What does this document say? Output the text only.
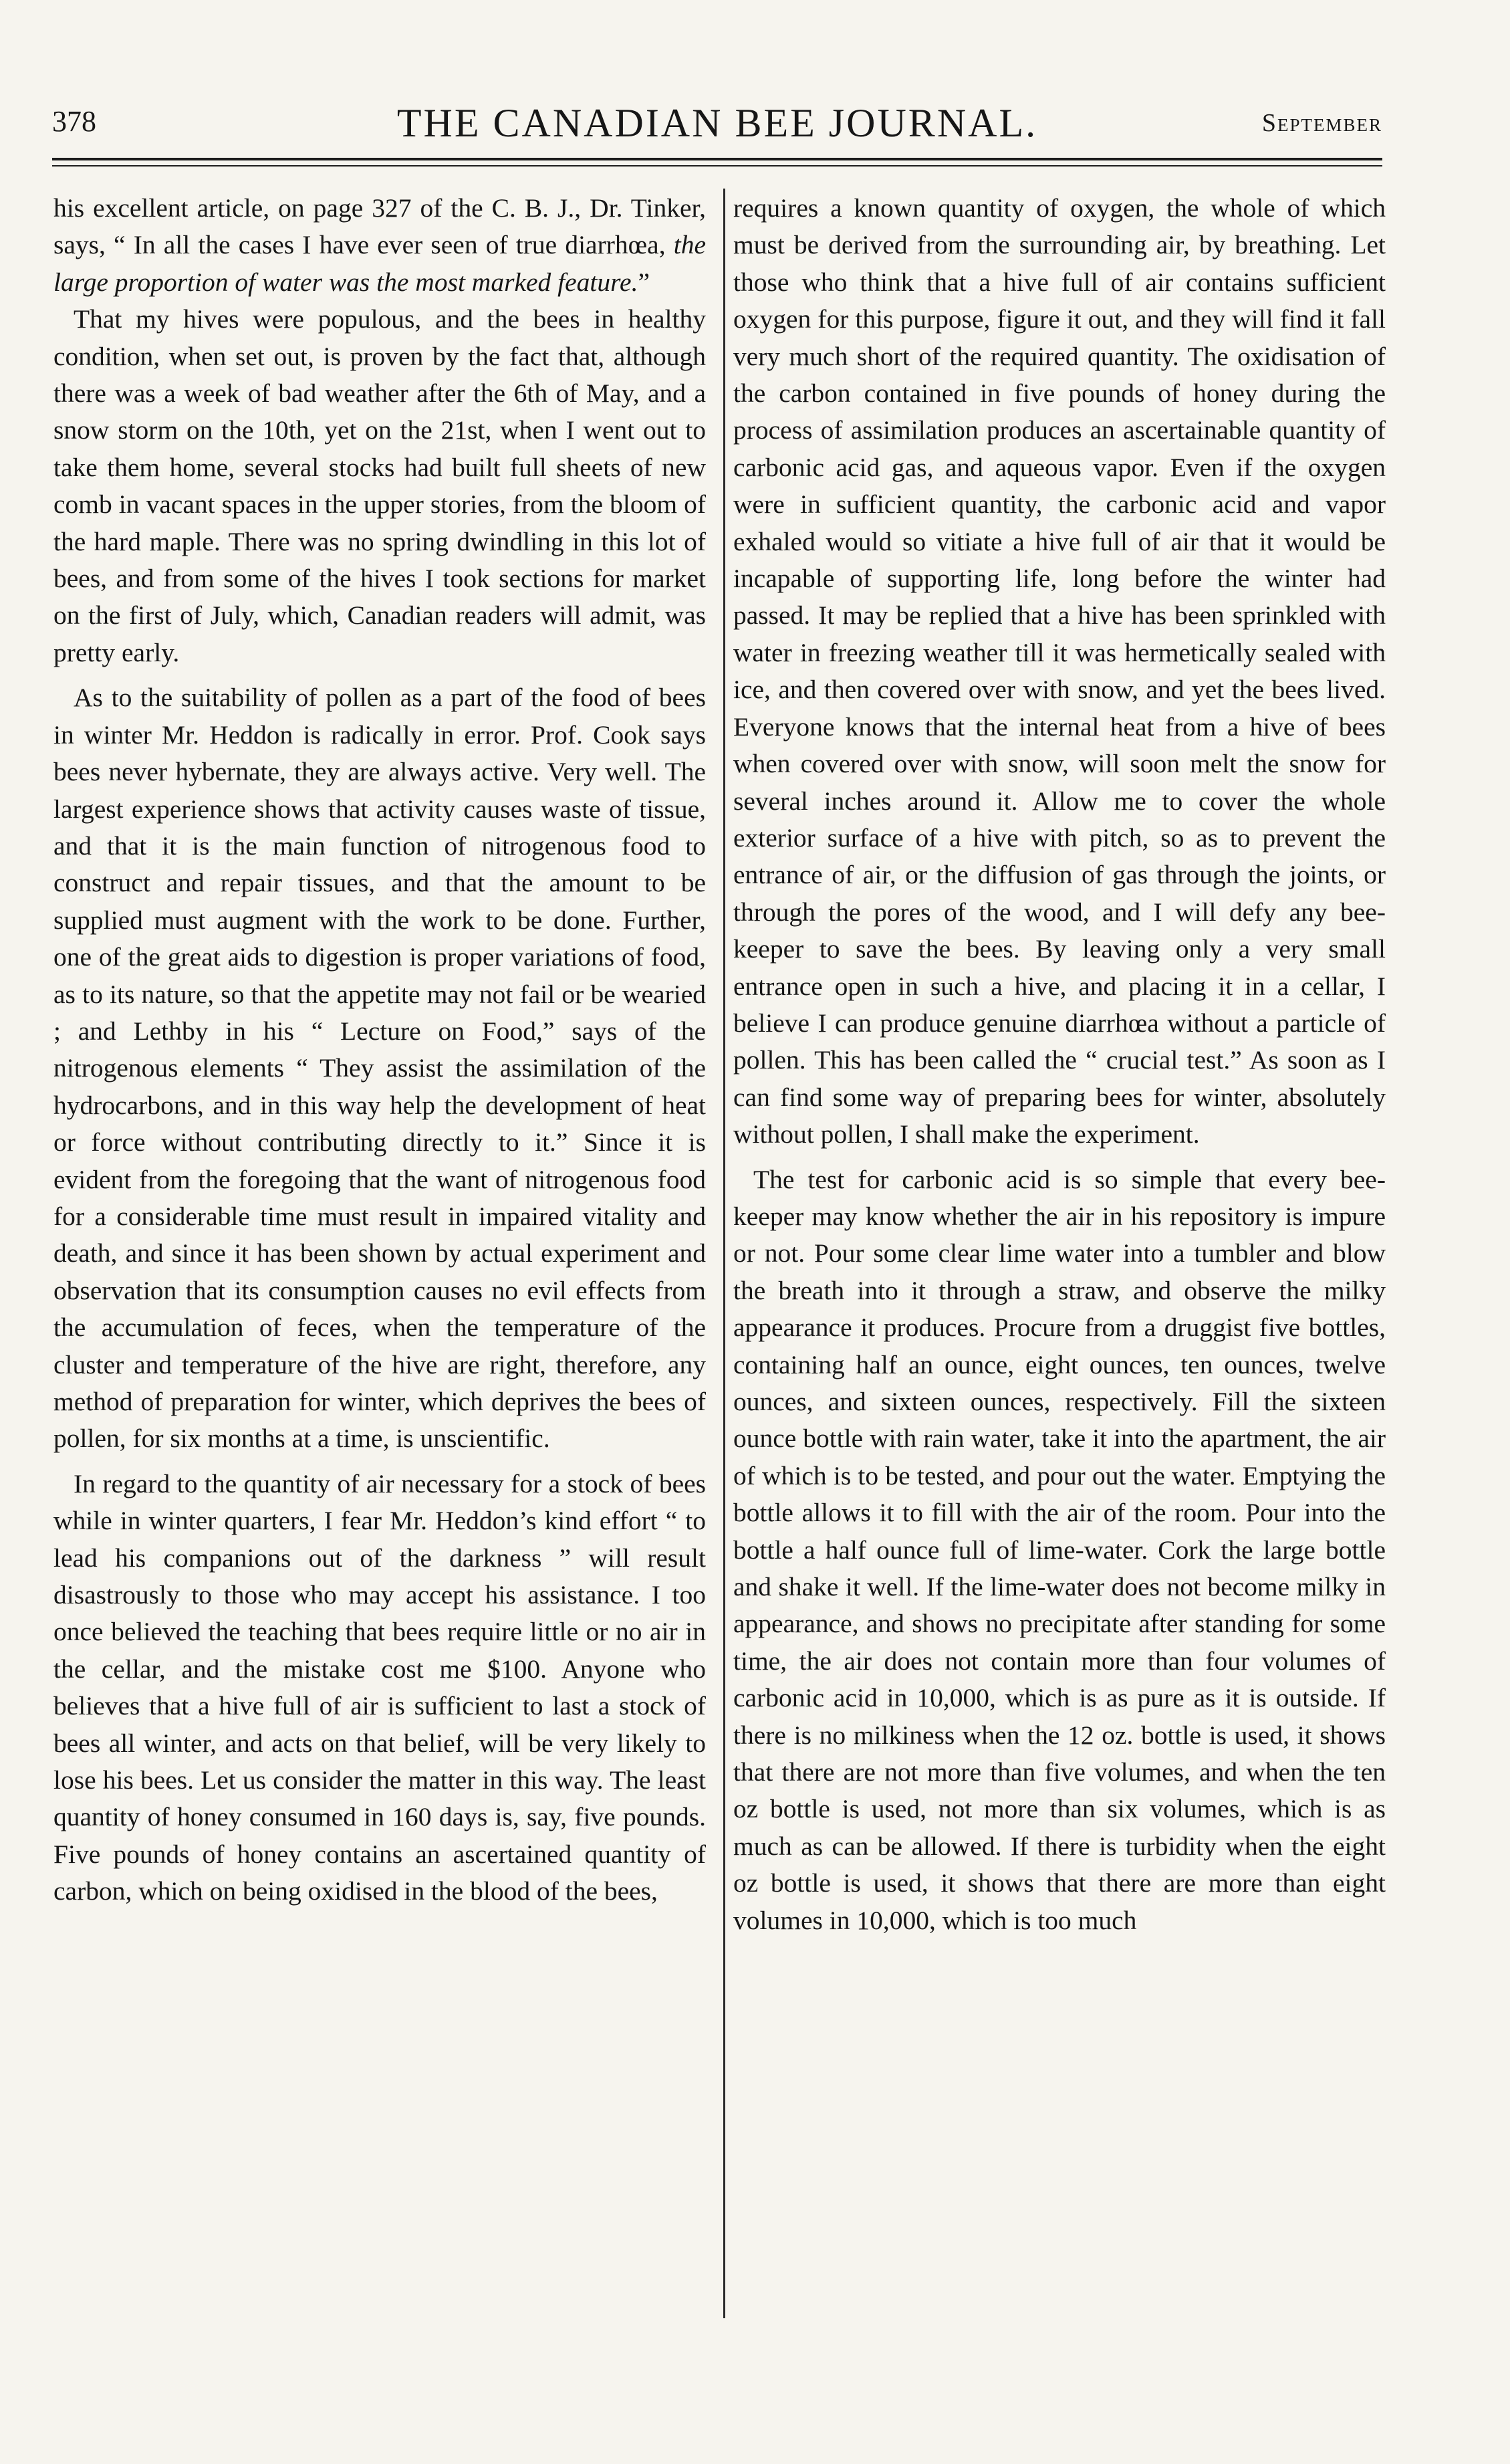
378	THE CANADIAN BEE JOURNAL.	September

his excellent article, on page 327 of the C. B. J., Dr. Tinker, says, “ In all the cases I have ever seen of true diarrhœa, the large proportion of water was the most marked feature.”

That my hives were populous, and the bees in healthy condition, when set out, is proven by the fact that, although there was a week of bad weather after the 6th of May, and a snow storm on the 10th, yet on the 21st, when I went out to take them home, several stocks had built full sheets of new comb in vacant spaces in the upper stories, from the bloom of the hard maple. There was no spring dwindling in this lot of bees, and from some of the hives I took sections for market on the first of July, which, Canadian readers will admit, was pretty early.

As to the suitability of pollen as a part of the food of bees in winter Mr. Heddon is radically in error. Prof. Cook says bees never hybernate, they are always active. Very well. The largest experience shows that activity causes waste of tissue, and that it is the main function of nitrogenous food to construct and repair tissues, and that the amount to be supplied must augment with the work to be done. Further, one of the great aids to digestion is proper variations of food, as to its nature, so that the appetite may not fail or be wearied ; and Lethby in his “ Lecture on Food,” says of the nitrogenous elements “ They assist the assimilation of the hydrocarbons, and in this way help the development of heat or force without contributing directly to it.” Since it is evident from the foregoing that the want of nitrogenous food for a considerable time must result in impaired vitality and death, and since it has been shown by actual experiment and observation that its consumption causes no evil effects from the accumulation of feces, when the temperature of the cluster and temperature of the hive are right, therefore, any method of preparation for winter, which deprives the bees of pollen, for six months at a time, is unscientific.

In regard to the quantity of air necessary for a stock of bees while in winter quarters, I fear Mr. Heddon’s kind effort “ to lead his companions out of the darkness ” will result disastrously to those who may accept his assistance. I too once believed the teaching that bees require little or no air in the cellar, and the mistake cost me $100. Anyone who believes that a hive full of air is sufficient to last a stock of bees all winter, and acts on that belief, will be very likely to lose his bees. Let us consider the matter in this way. The least quantity of honey consumed in 160 days is, say, five pounds. Five pounds of honey contains an ascertained quantity of carbon, which on being oxidised in the blood of the bees,

requires a known quantity of oxygen, the whole of which must be derived from the surrounding air, by breathing. Let those who think that a hive full of air contains sufficient oxygen for this purpose, figure it out, and they will find it fall very much short of the required quantity. The oxidisation of the carbon contained in five pounds of honey during the process of assimilation produces an ascertainable quantity of carbonic acid gas, and aqueous vapor. Even if the oxygen were in sufficient quantity, the carbonic acid and vapor exhaled would so vitiate a hive full of air that it would be incapable of supporting life, long before the winter had passed. It may be replied that a hive has been sprinkled with water in freezing weather till it was hermetically sealed with ice, and then covered over with snow, and yet the bees lived. Everyone knows that the internal heat from a hive of bees when covered over with snow, will soon melt the snow for several inches around it. Allow me to cover the whole exterior surface of a hive with pitch, so as to prevent the entrance of air, or the diffusion of gas through the joints, or through the pores of the wood, and I will defy any bee-keeper to save the bees. By leaving only a very small entrance open in such a hive, and placing it in a cellar, I believe I can produce genuine diarrhœa without a particle of pollen. This has been called the “ crucial test.” As soon as I can find some way of preparing bees for winter, absolutely without pollen, I shall make the experiment.

The test for carbonic acid is so simple that every bee-keeper may know whether the air in his repository is impure or not. Pour some clear lime water into a tumbler and blow the breath into it through a straw, and observe the milky appearance it produces. Procure from a druggist five bottles, containing half an ounce, eight ounces, ten ounces, twelve ounces, and sixteen ounces, respectively. Fill the sixteen ounce bottle with rain water, take it into the apartment, the air of which is to be tested, and pour out the water. Emptying the bottle allows it to fill with the air of the room. Pour into the bottle a half ounce full of lime-water. Cork the large bottle and shake it well. If the lime-water does not become milky in appearance, and shows no precipitate after standing for some time, the air does not contain more than four volumes of carbonic acid in 10,000, which is as pure as it is outside. If there is no milkiness when the 12 oz. bottle is used, it shows that there are not more than five volumes, and when the ten oz bottle is used, not more than six volumes, which is as much as can be allowed. If there is turbidity when the eight oz bottle is used, it shows that there are more than eight volumes in 10,000, which is too much
